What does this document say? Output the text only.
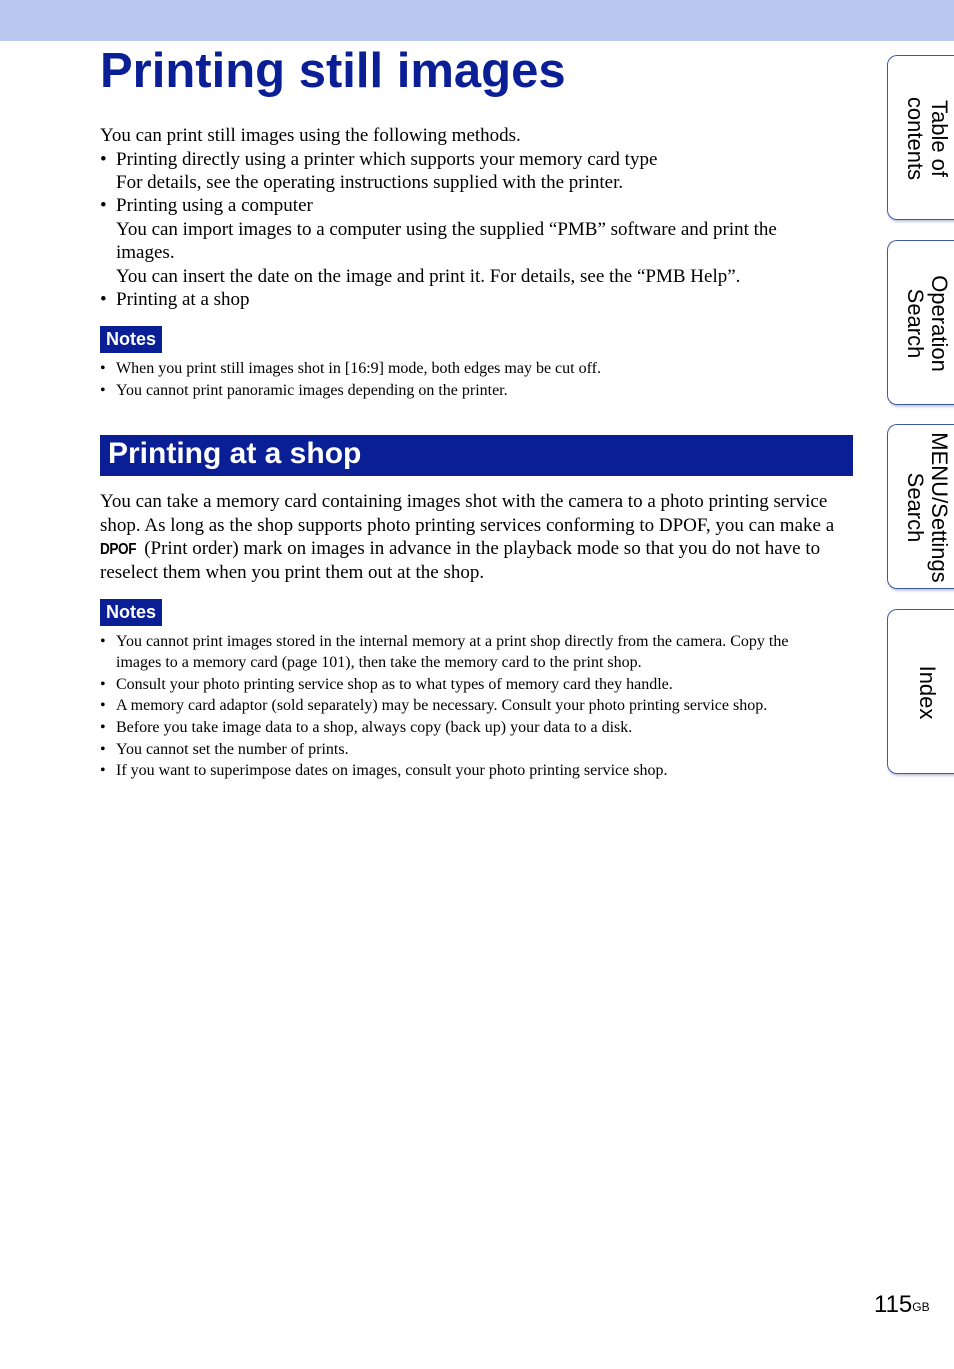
Printing still images
You can print still images using the following methods.
• Printing directly using a printer which supports your memory card type
For details, see the operating instructions supplied with the printer.
• Printing using a computer
You can import images to a computer using the supplied “PMB” software and print the
images.
You can insert the date on the image and print it. For details, see the “PMB Help”.
• Printing at a shop
Notes
• When you print still images shot in [16:9] mode, both edges may be cut off.
• You cannot print panoramic images depending on the printer.
Printing at a shop
You can take a memory card containing images shot with the camera to a photo printing service
shop. As long as the shop supports photo printing services conforming to DPOF, you can make a
DPOF (Print order) mark on images in advance in the playback mode so that you do not have to
reselect them when you print them out at the shop.
Notes
• You cannot print images stored in the internal memory at a print shop directly from the camera. Copy the
images to a memory card (page 101), then take the memory card to the print shop.
• Consult your photo printing service shop as to what types of memory card they handle.
• A memory card adaptor (sold separately) may be necessary. Consult your photo printing service shop.
• Before you take image data to a shop, always copy (back up) your data to a disk.
• You cannot set the number of prints.
• If you want to superimpose dates on images, consult your photo printing service shop.
Table of
contents
Operation
Search
MENU/Settings
Search
Index
$115^{GB}$
